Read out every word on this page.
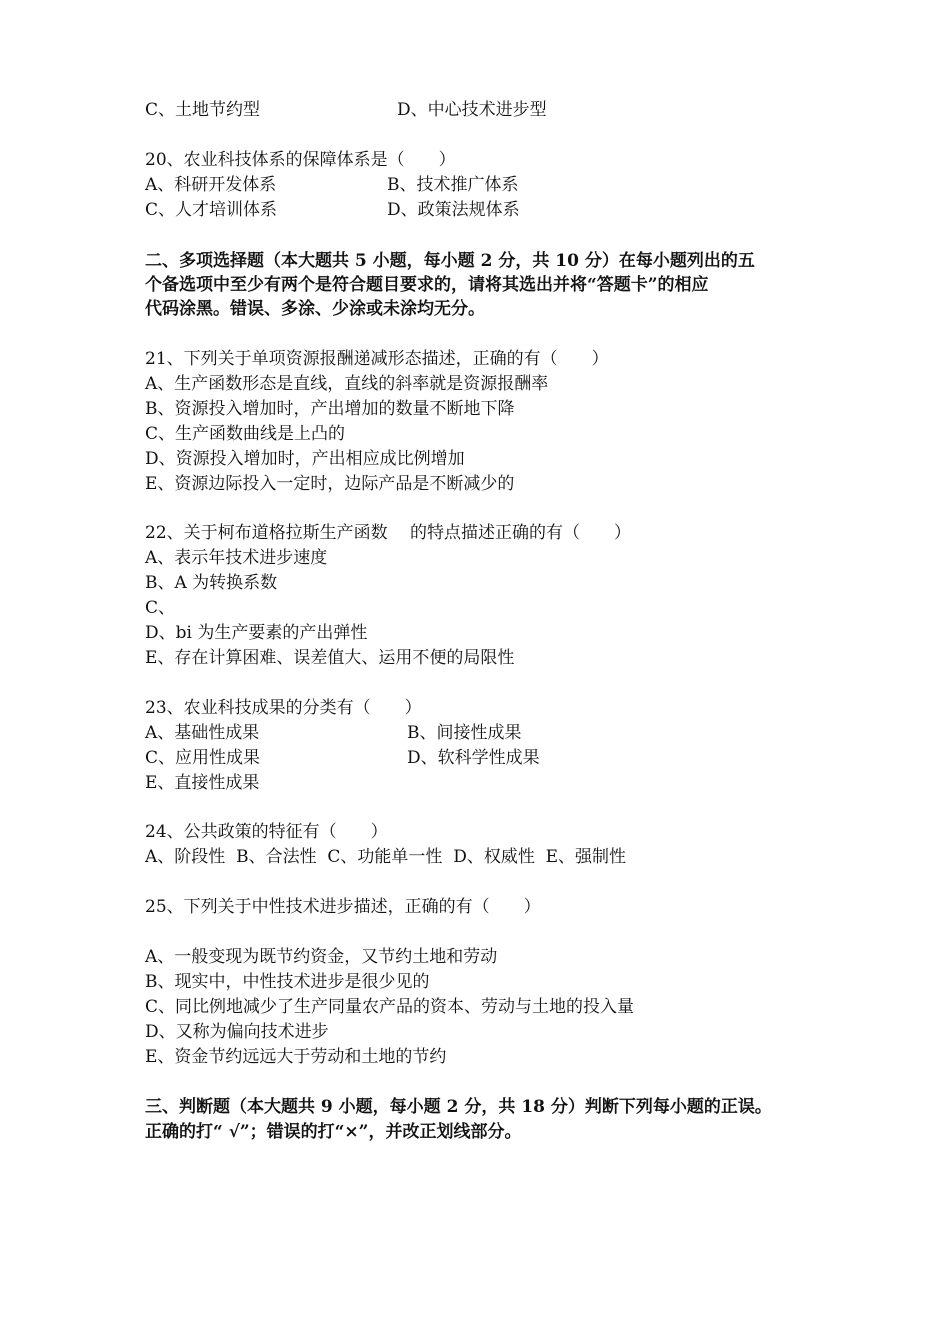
C、土地节约型	D、中心技术进步型
20、农业科技体系的保障体系是（　　）
A、科研开发体系	B、技术推广体系
C、人才培训体系	D、政策法规体系
二、多项选择题（本大题共 5 小题，每小题 2 分，共 10 分）在每小题列出的五
个备选项中至少有两个是符合题目要求的，请将其选出并将“答题卡”的相应
代码涂黑。错误、多涂、少涂或未涂均无分。
21、下列关于单项资源报酬递减形态描述，正确的有（　　）
A、生产函数形态是直线，直线的斜率就是资源报酬率
B、资源投入增加时，产出增加的数量不断地下降
C、生产函数曲线是上凸的
D、资源投入增加时，产出相应成比例增加
E、资源边际投入一定时，边际产品是不断减少的
22、关于柯布道格拉斯生产函数　 的特点描述正确的有（　　）
A、表示年技术进步速度
B、A 为转换系数
C、
D、bi 为生产要素的产出弹性
E、存在计算困难、误差值大、运用不便的局限性
23、农业科技成果的分类有（　　）
A、基础性成果	B、间接性成果
C、应用性成果	D、软科学性成果
E、直接性成果
24、公共政策的特征有（　　）
A、阶段性  B、合法性  C、功能单一性  D、权威性  E、强制性
25、下列关于中性技术进步描述，正确的有（　　）
A、一般变现为既节约资金，又节约土地和劳动
B、现实中，中性技术进步是很少见的
C、同比例地减少了生产同量农产品的资本、劳动与土地的投入量
D、又称为偏向技术进步
E、资金节约远远大于劳动和土地的节约
三、判断题（本大题共 9 小题，每小题 2 分，共 18 分）判断下列每小题的正误。
正确的打“ √”；错误的打“×”，并改正划线部分。
